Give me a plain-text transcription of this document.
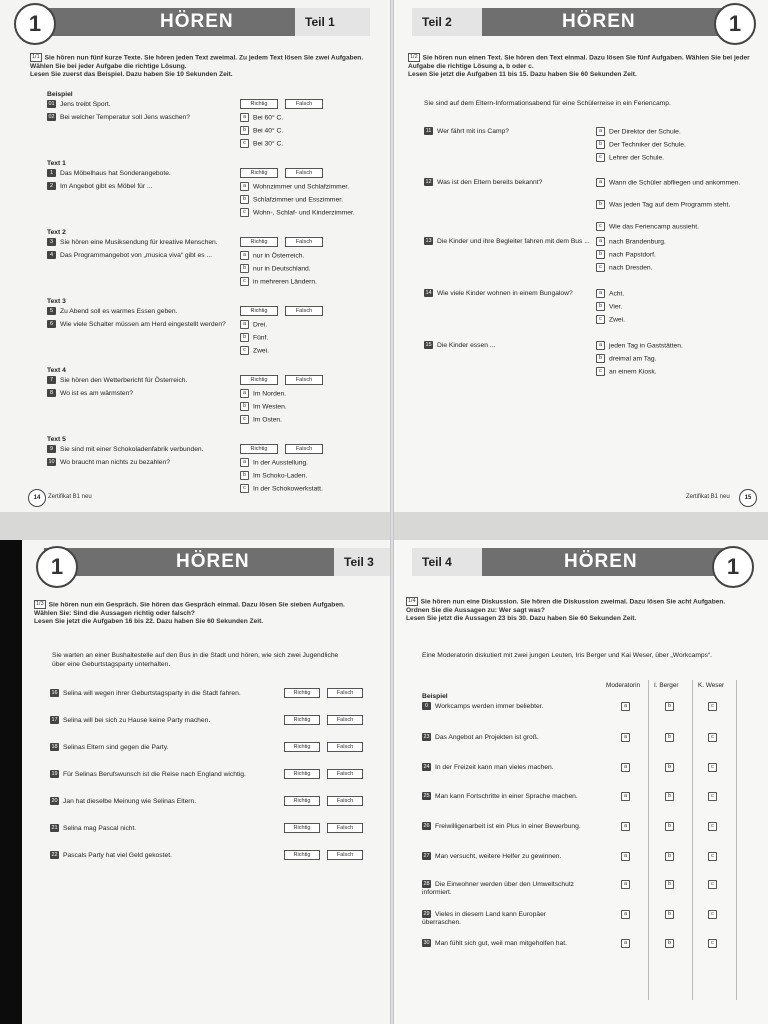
HÖREN	Teil 1
1
1/1 Sie hören nun fünf kurze Texte. Sie hören jeden Text zweimal. Zu jedem Text lösen Sie zwei Aufgaben. Wählen Sie bei jeder Aufgabe die richtige Lösung.
Lesen Sie zuerst das Beispiel. Dazu haben Sie 10 Sekunden Zeit.
Beispiel
01 Jens treibt Sport.	Richtig	Falsch
02 Bei welcher Temperatur soll Jens waschen?	a Bei 60° C.
b Bei 40° C.
c Bei 30° C.
Text 1
1 Das Möbelhaus hat Sonderangebote.	Richtig	Falsch
2 Im Angebot gibt es Möbel für ...	a Wohnzimmer und Schlafzimmer.
b Schlafzimmer und Esszimmer.
c Wohn-, Schlaf- und Kinderzimmer.
Text 2
3 Sie hören eine Musiksendung für kreative Menschen.	Richtig	Falsch
4 Das Programmangebot von „musica viva“ gibt es ...	a nur in Österreich.
b nur in Deutschland.
c in mehreren Ländern.
Text 3
5 Zu Abend soll es warmes Essen geben.	Richtig	Falsch
6 Wie viele Schalter müssen am Herd eingestellt werden?	a Drei.
b Fünf.
c Zwei.
Text 4
7 Sie hören den Wetterbericht für Österreich.	Richtig	Falsch
8 Wo ist es am wärmsten?	a Im Norden.
b Im Westen.
c Im Osten.
Text 5
9 Sie sind mit einer Schokoladenfabrik verbunden.	Richtig	Falsch
10 Wo braucht man nichts zu bezahlen?	a In der Ausstellung.
b Im Schoko-Laden.
c In der Schokowerkstatt.
14	Zertifikat B1 neu
Teil 2	HÖREN	1
1/2 Sie hören nun einen Text. Sie hören den Text einmal. Dazu lösen Sie fünf Aufgaben. Wählen Sie bei jeder Aufgabe die richtige Lösung a, b oder c.
Lesen Sie jetzt die Aufgaben 11 bis 15. Dazu haben Sie 60 Sekunden Zeit.
Sie sind auf dem Eltern-Informationsabend für eine Schülerreise in ein Feriencamp.
11 Wer fährt mit ins Camp?	a Der Direktor der Schule.
b Der Techniker der Schule.
c Lehrer der Schule.
12 Was ist den Eltern bereits bekannt?	a Wann die Schüler abfliegen und ankommen.
b Was jeden Tag auf dem Programm steht.
c Wie das Feriencamp aussieht.
13 Die Kinder und ihre Begleiter fahren mit dem Bus ...	a nach Brandenburg.
b nach Papstdorf.
c nach Dresden.
14 Wie viele Kinder wohnen in einem Bungalow?	a Acht.
b Vier.
c Zwei.
15 Die Kinder essen ...	a jeden Tag in Gaststätten.
b dreimal am Tag.
c an einem Kiosk.
Zertifikat B1 neu	15
HÖREN	Teil 3
1
1/3 Sie hören nun ein Gespräch. Sie hören das Gespräch einmal. Dazu lösen Sie sieben Aufgaben.
Wählen Sie: Sind die Aussagen richtig oder falsch?
Lesen Sie jetzt die Aufgaben 16 bis 22. Dazu haben Sie 60 Sekunden Zeit.
Sie warten an einer Bushaltestelle auf den Bus in die Stadt und hören, wie sich zwei Jugendliche über eine Geburtstagsparty unterhalten.
16 Selina will wegen ihrer Geburtstagsparty in die Stadt fahren.	Richtig	Falsch
17 Selina will bei sich zu Hause keine Party machen.	Richtig	Falsch
18 Selinas Eltern sind gegen die Party.	Richtig	Falsch
19 Für Selinas Berufswunsch ist die Reise nach England wichtig.	Richtig	Falsch
20 Jan hat dieselbe Meinung wie Selinas Eltern.	Richtig	Falsch
21 Selina mag Pascal nicht.	Richtig	Falsch
22 Pascals Party hat viel Geld gekostet.	Richtig	Falsch
Teil 4	HÖREN	1
1/4 Sie hören nun eine Diskussion. Sie hören die Diskussion zweimal. Dazu lösen Sie acht Aufgaben.
Ordnen Sie die Aussagen zu: Wer sagt was?
Lesen Sie jetzt die Aussagen 23 bis 30. Dazu haben Sie 60 Sekunden Zeit.
Eine Moderatorin diskutiert mit zwei jungen Leuten, Iris Berger und Kai Weser, über „Workcamps“.
Moderatorin I. Berger	K. Weser
Beispiel
0 Workcamps werden immer beliebter.	a	b	c
23 Das Angebot an Projekten ist groß.	a	b	c
24 In der Freizeit kann man vieles machen.	a	b	c
25 Man kann Fortschritte in einer Sprache machen.	a	b	c
26 Freiwilligenarbeit ist ein Plus in einer Bewerbung.	a	b	c
27 Man versucht, weitere Helfer zu gewinnen.	a	b	c
28 Die Einwohner werden über den Umweltschutz informiert.
a	b	c
29 Vieles in diesem Land kann Europäer überraschen.
a	b	c
30 Man fühlt sich gut, weil man mitgeholfen hat.	a	b	c
